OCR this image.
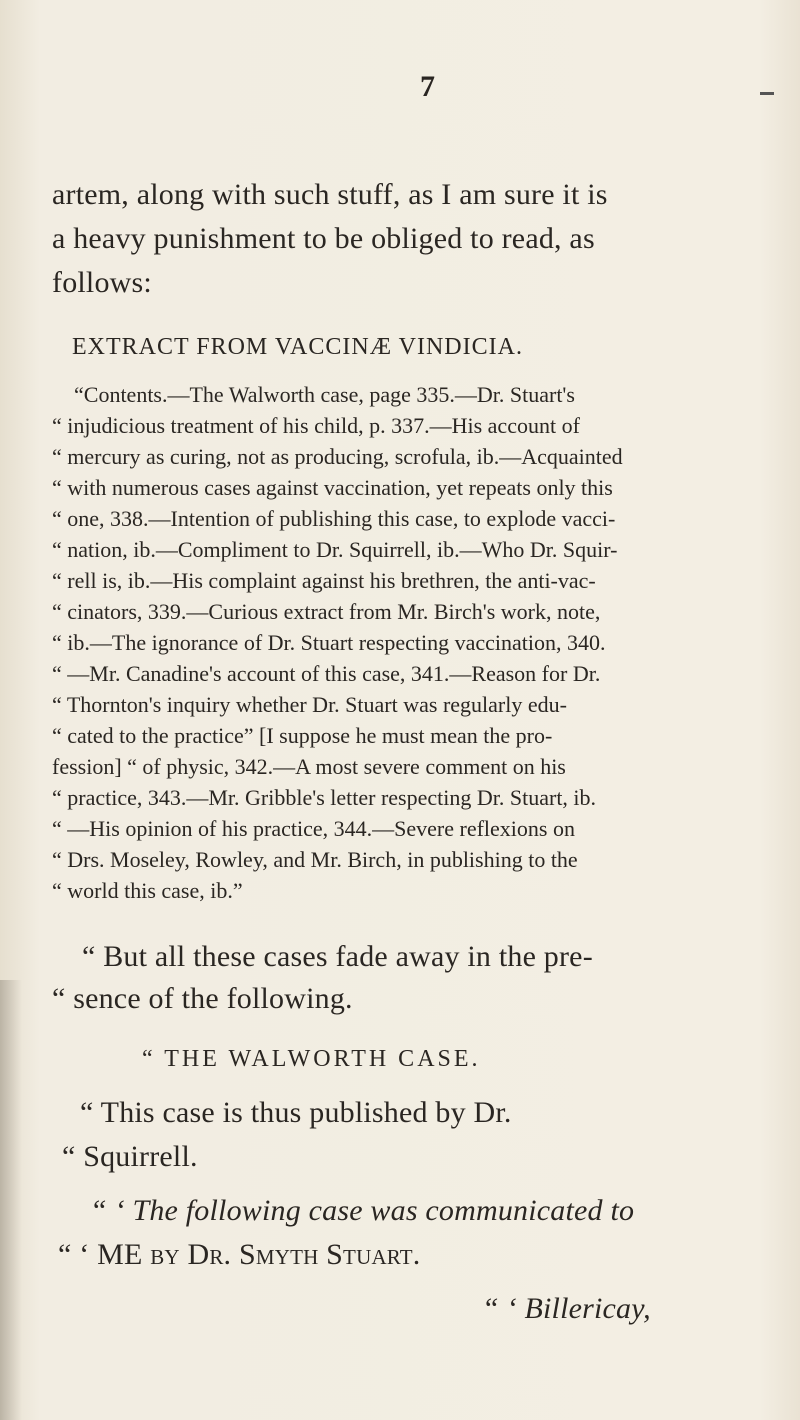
7
artem, along with such stuff, as I am sure it is
a heavy punishment to be obliged to read, as
follows:
EXTRACT FROM VACCINÆ VINDICIA.
“Contents.—The Walworth case, page 335.—Dr. Stuart's
“ injudicious treatment of his child, p. 337.—His account of
“ mercury as curing, not as producing, scrofula, ib.—Acquainted
“ with numerous cases against vaccination, yet repeats only this
“ one, 338.—Intention of publishing this case, to explode vacci-
“ nation, ib.—Compliment to Dr. Squirrell, ib.—Who Dr. Squir-
“ rell is, ib.—His complaint against his brethren, the anti-vac-
“ cinators, 339.—Curious extract from Mr. Birch's work, note,
“ ib.—The ignorance of Dr. Stuart respecting vaccination, 340.
“ —Mr. Canadine's account of this case, 341.—Reason for Dr.
“ Thornton's inquiry whether Dr. Stuart was regularly edu-
“ cated to the practice” [I suppose he must mean the pro-
fession] “ of physic, 342.—A most severe comment on his
“ practice, 343.—Mr. Gribble's letter respecting Dr. Stuart, ib.
“ —His opinion of his practice, 344.—Severe reflexions on
“ Drs. Moseley, Rowley, and Mr. Birch, in publishing to the
“ world this case, ib.”
“ But all these cases fade away in the pre-
“ sence of the following.
“ THE WALWORTH CASE.
“ This case is thus published by Dr.
“ Squirrell.
“ ‘ The following case was communicated to
“ ‘ ME by Dr. Smyth Stuart.
“ ‘ Billericay,
